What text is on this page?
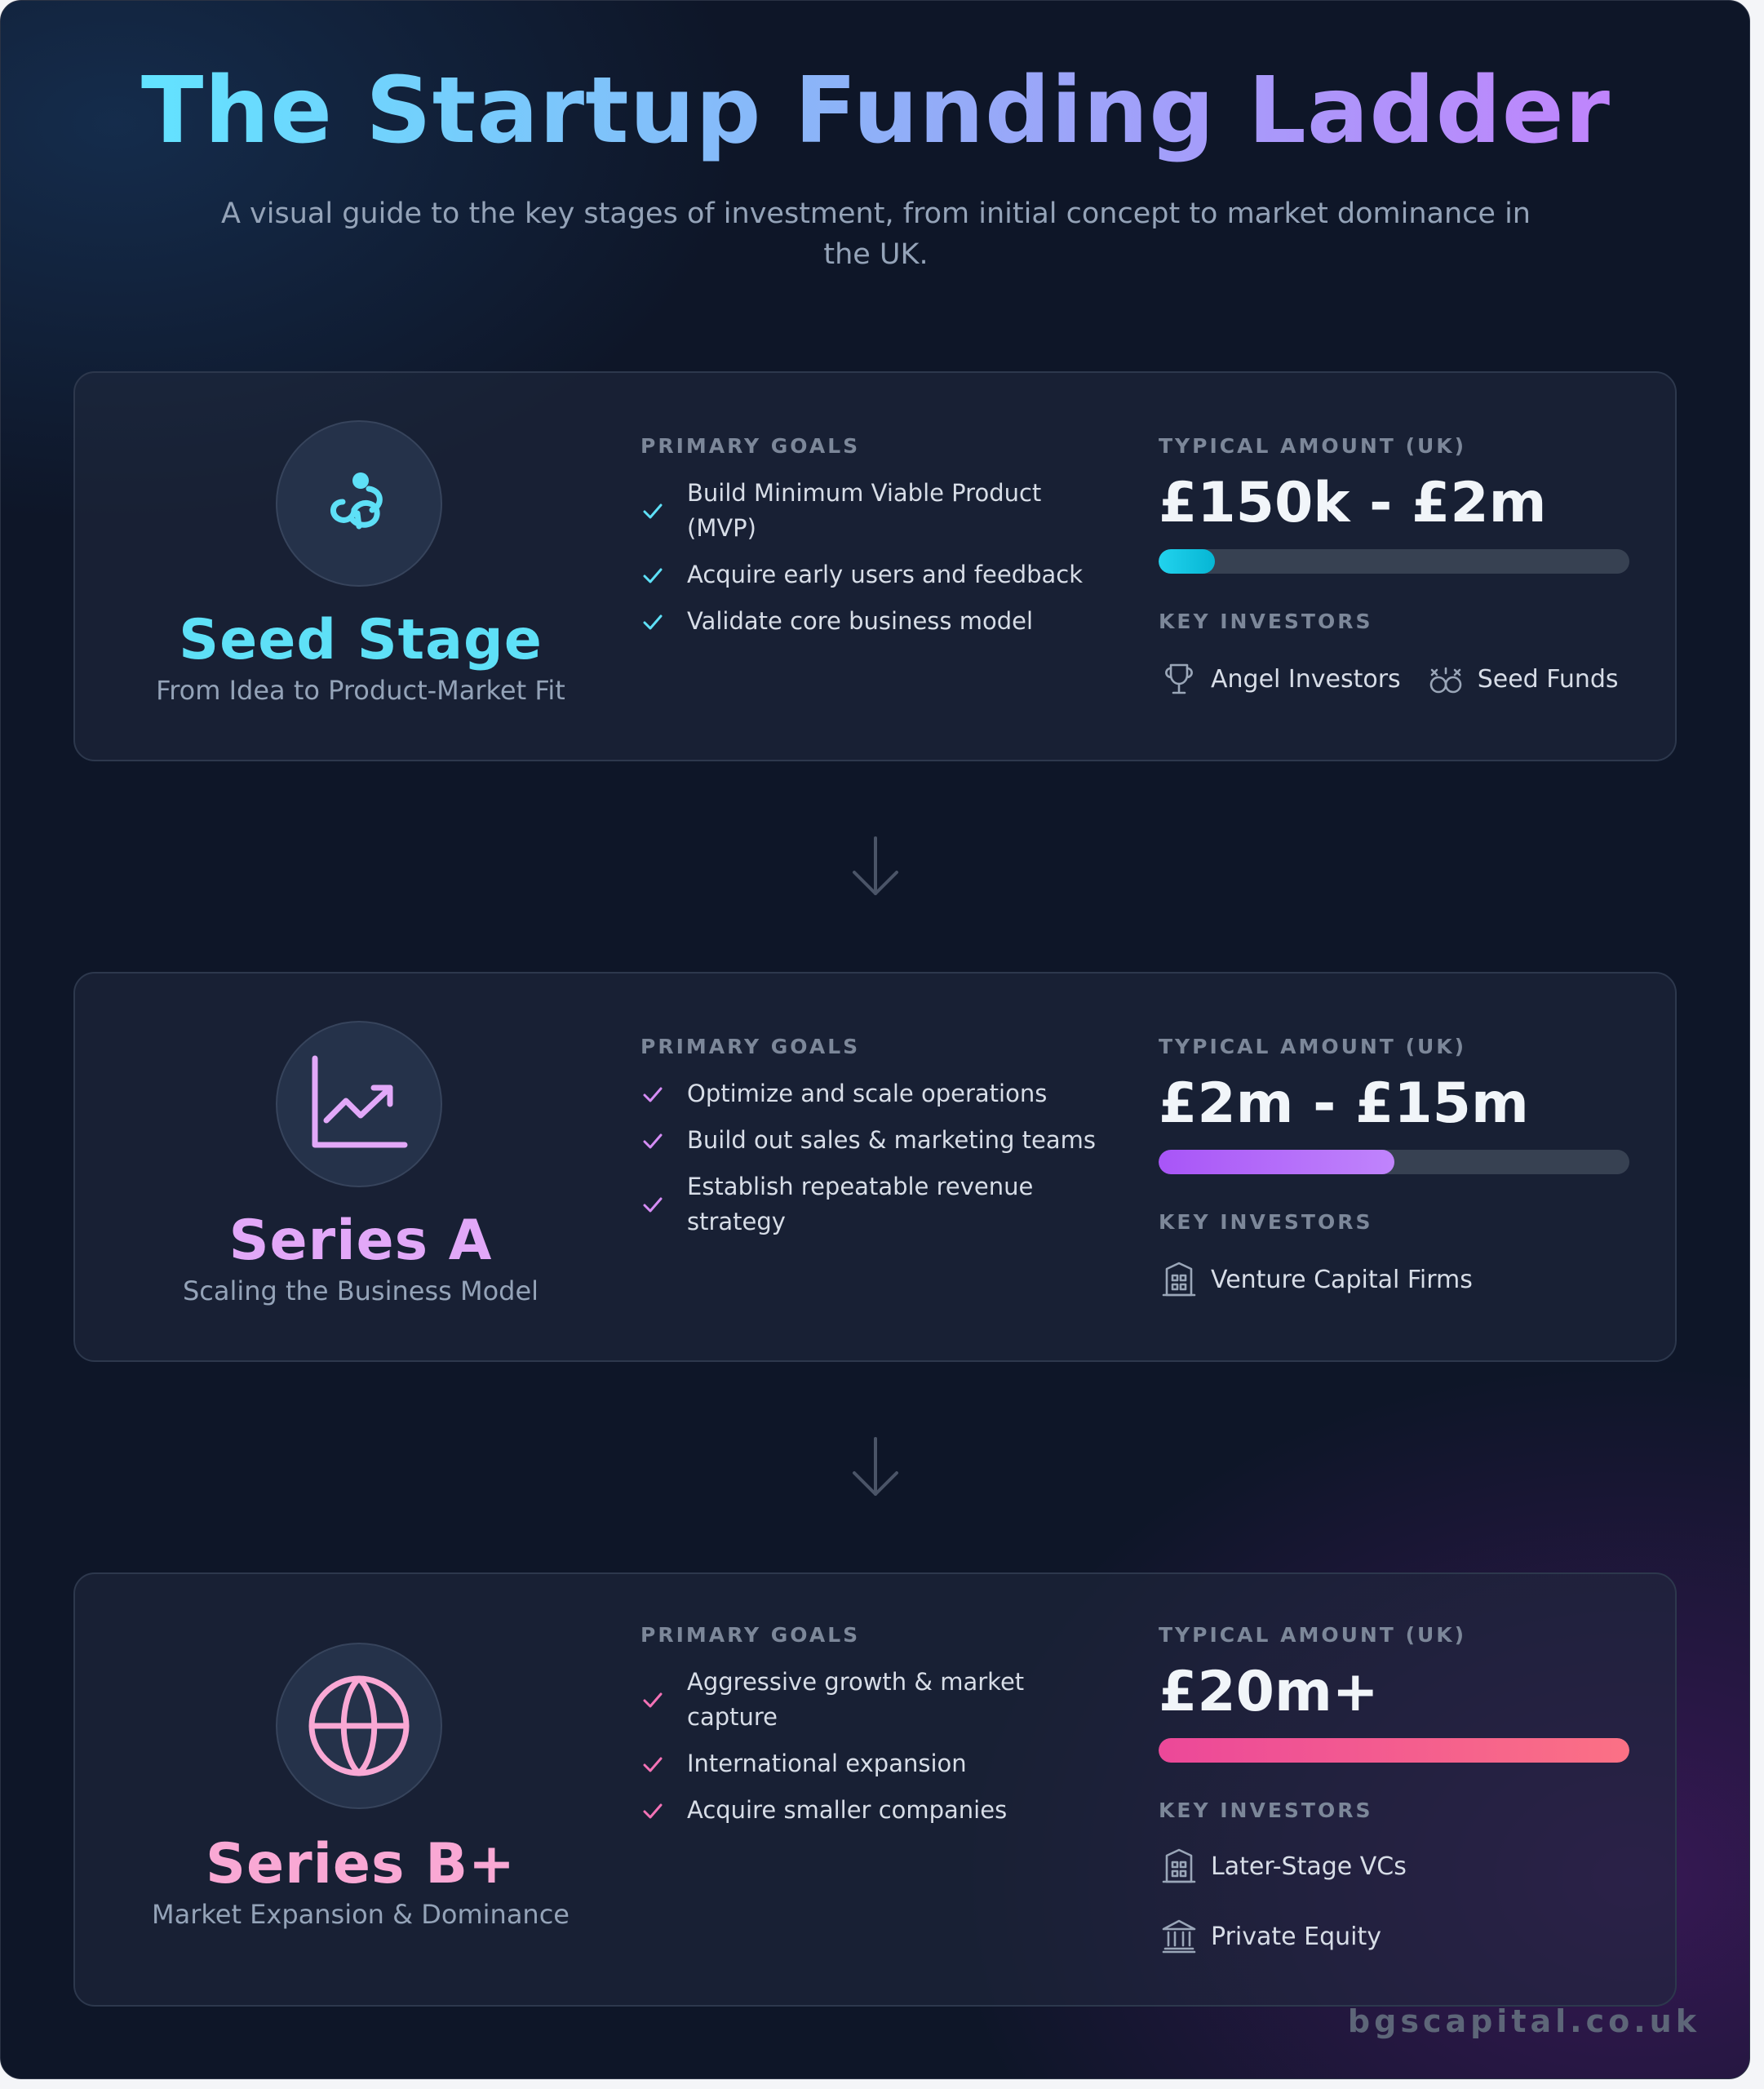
The Startup Funding Ladder

A visual guide to the key stages of investment, from initial concept to market dominance in the UK.

Seed Stage

From Idea to Product-Market Fit

PRIMARY GOALS
Build Minimum Viable Product (MVP)
Acquire early users and feedback
Validate core business model
TYPICAL AMOUNT (UK)
£150k - £2m
KEY INVESTORS
Angel Investors	Seed Funds
Series A

Scaling the Business Model

PRIMARY GOALS
Optimize and scale operations
Build out sales & marketing teams
Establish repeatable revenue strategy
TYPICAL AMOUNT (UK)
£2m - £15m
KEY INVESTORS
Venture Capital Firms
Series B+

Market Expansion & Dominance

PRIMARY GOALS
Aggressive growth & market capture
International expansion
Acquire smaller companies
TYPICAL AMOUNT (UK)
£20m+
KEY INVESTORS
Later-Stage VCs
Private Equity
bgscapital.co.uk
